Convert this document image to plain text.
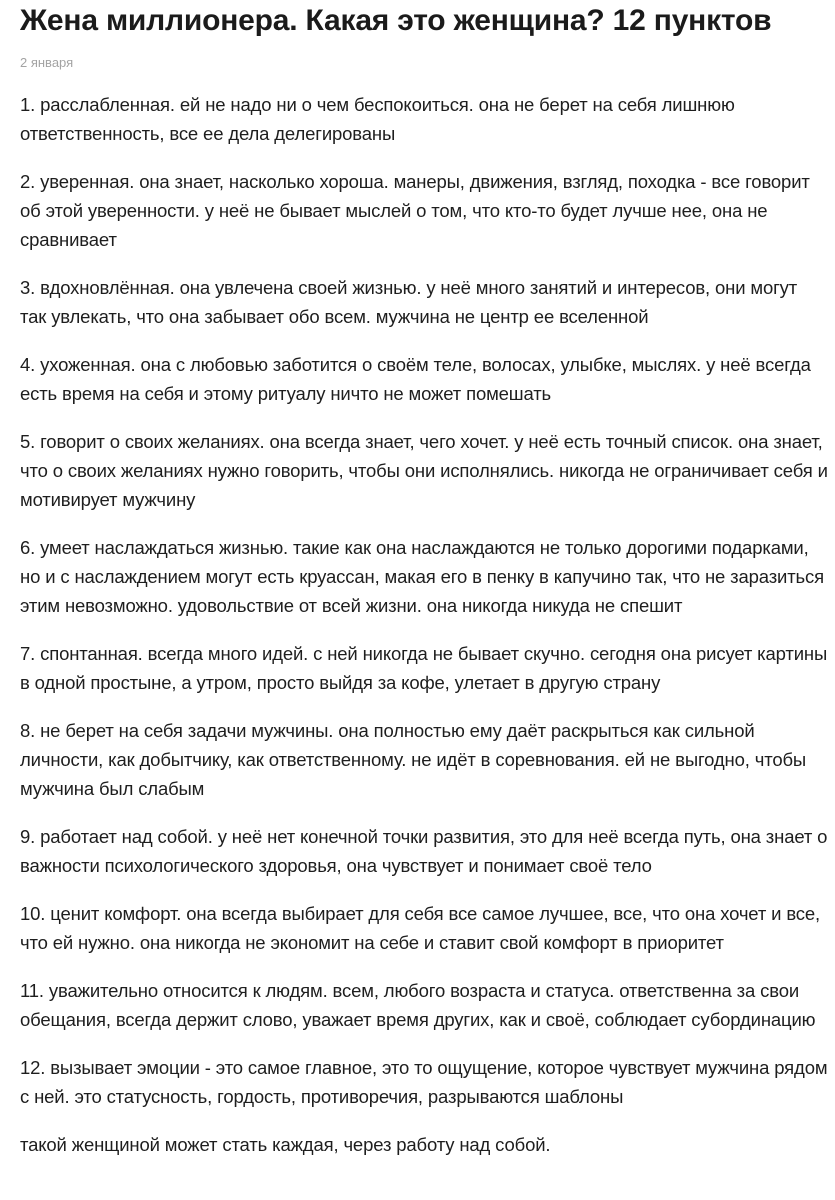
Жена миллионера. Какая это женщина? 12 пунктов
2 января

1. расслабленная. ей не надо ни о чем беспокоиться. она не берет на себя лишнюю ответственность, все ее дела делегированы

2. уверенная. она знает, насколько хороша. манеры, движения, взгляд, походка - все говорит об этой уверенности. у неё не бывает мыслей о том, что кто-то будет лучше нее, она не сравнивает

3. вдохновлённая. она увлечена своей жизнью. у неё много занятий и интересов, они могут так увлекать, что она забывает обо всем. мужчина не центр ее вселенной

4. ухоженная. она с любовью заботится о своём теле, волосах, улыбке, мыслях. у неё всегда есть время на себя и этому ритуалу ничто не может помешать

5. говорит о своих желаниях. она всегда знает, чего хочет. у неё есть точный список. она знает, что о своих желаниях нужно говорить, чтобы они исполнялись. никогда не ограничивает себя и мотивирует мужчину

6. умеет наслаждаться жизнью. такие как она наслаждаются не только дорогими подарками, но и с наслаждением могут есть круассан, макая его в пенку в капучино так, что не заразиться этим невозможно. удовольствие от всей жизни. она никогда никуда не спешит

7. спонтанная. всегда много идей. с ней никогда не бывает скучно. сегодня она рисует картины в одной простыне, а утром, просто выйдя за кофе, улетает в другую страну

8. не берет на себя задачи мужчины. она полностью ему даёт раскрыться как сильной личности, как добытчику, как ответственному. не идёт в соревнования. ей не выгодно, чтобы мужчина был слабым

9. работает над собой. у неё нет конечной точки развития, это для неё всегда путь, она знает о важности психологического здоровья, она чувствует и понимает своё тело

10. ценит комфорт. она всегда выбирает для себя все самое лучшее, все, что она хочет и все, что ей нужно. она никогда не экономит на себе и ставит свой комфорт в приоритет

11. уважительно относится к людям. всем, любого возраста и статуса. ответственна за свои обещания, всегда держит слово, уважает время других, как и своё, соблюдает субординацию

12. вызывает эмоции - это самое главное, это то ощущение, которое чувствует мужчина рядом с ней. это статусность, гордость, противоречия, разрываются шаблоны

такой женщиной может стать каждая, через работу над собой.
